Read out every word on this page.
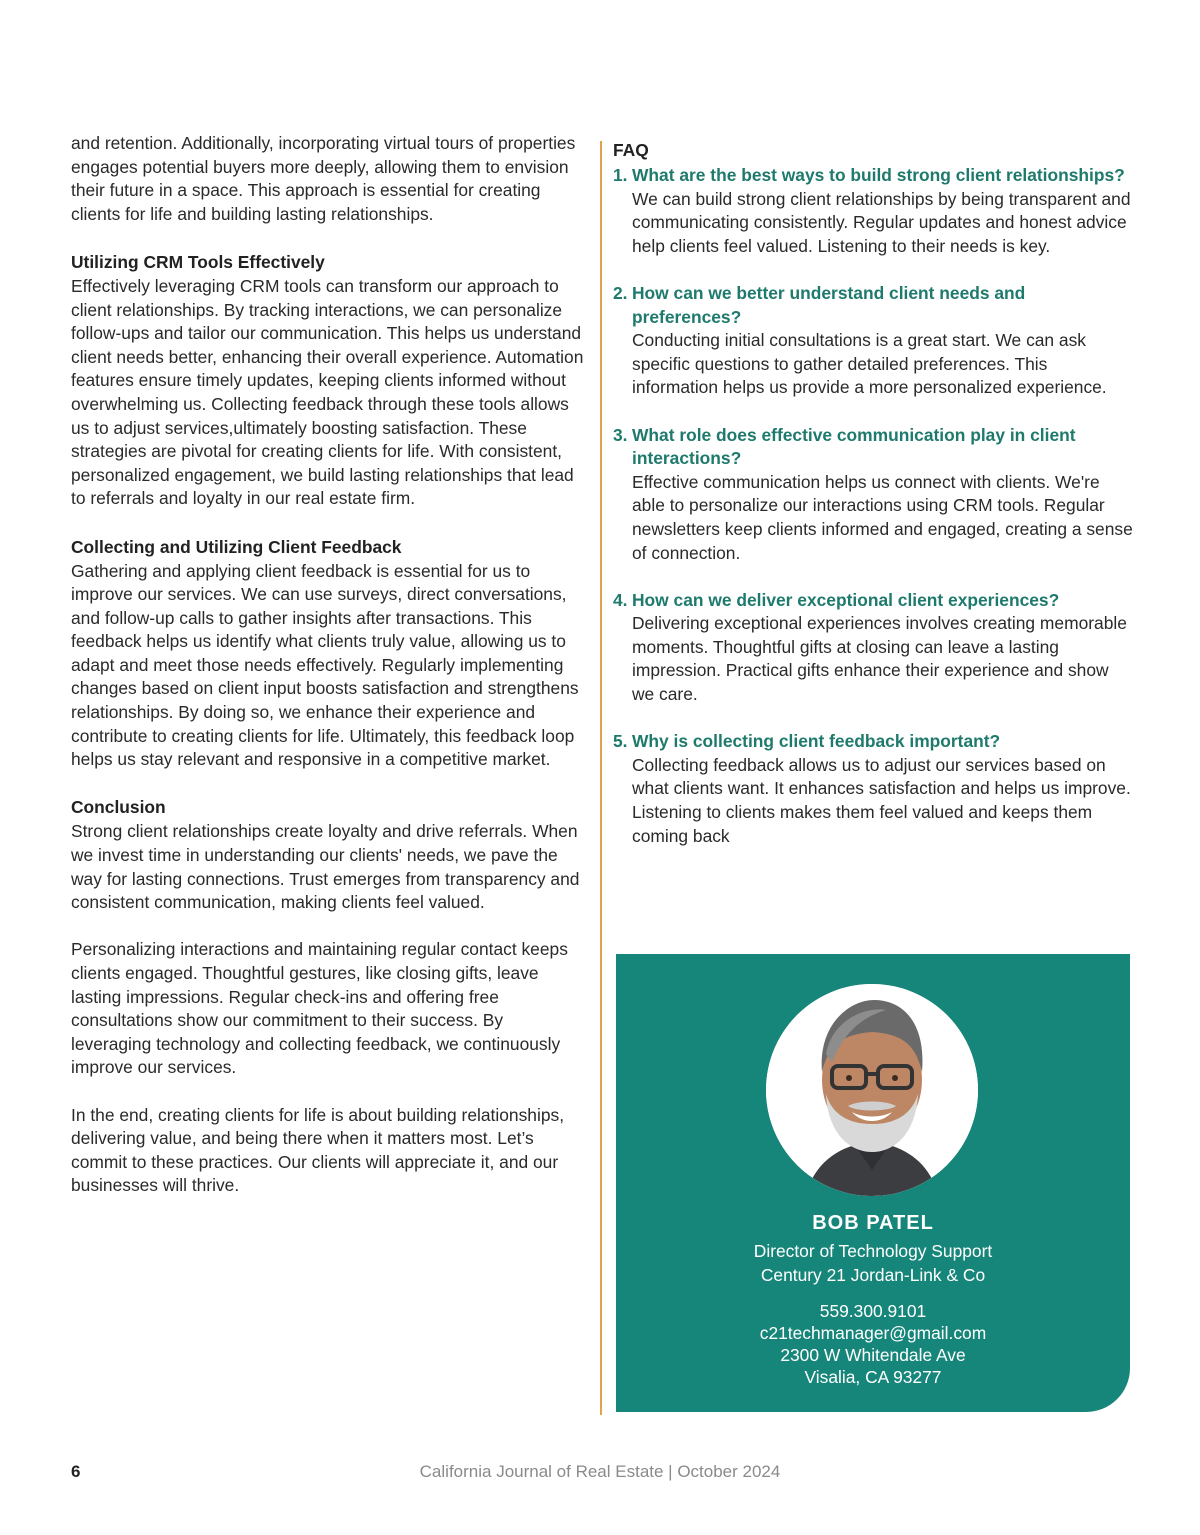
and retention. Additionally, incorporating virtual tours of properties engages potential buyers more deeply, allowing them to envision their future in a space. This approach is essential for creating clients for life and building lasting relationships.

Utilizing CRM Tools Effectively

Effectively leveraging CRM tools can transform our approach to client relationships. By tracking interactions, we can personalize follow-ups and tailor our communication. This helps us understand client needs better, enhancing their overall experience. Automation features ensure timely updates, keeping clients informed without overwhelming us. Collecting feedback through these tools allows us to adjust services,ultimately boosting satisfaction. These strategies are pivotal for creating clients for life. With consistent, personalized engagement, we build lasting relationships that lead to referrals and loyalty in our real estate firm.

Collecting and Utilizing Client Feedback

Gathering and applying client feedback is essential for us to improve our services. We can use surveys, direct conversations, and follow-up calls to gather insights after transactions. This feedback helps us identify what clients truly value, allowing us to adapt and meet those needs effectively. Regularly implementing changes based on client input boosts satisfaction and strengthens relationships. By doing so, we enhance their experience and contribute to creating clients for life. Ultimately, this feedback loop helps us stay relevant and responsive in a competitive market.

Conclusion

Strong client relationships create loyalty and drive referrals. When we invest time in understanding our clients' needs, we pave the way for lasting connections. Trust emerges from transparency and consistent communication, making clients feel valued.

Personalizing interactions and maintaining regular contact keeps clients engaged. Thoughtful gestures, like closing gifts, leave lasting impressions. Regular check-ins and offering free consultations show our commitment to their success. By leveraging technology and collecting feedback, we continuously improve our services.

In the end, creating clients for life is about building relationships, delivering value, and being there when it matters most. Let’s commit to these practices. Our clients will appreciate it, and our businesses will thrive.

FAQ
1. What are the best ways to build strong client relationships?

We can build strong client relationships by being transparent and communicating consistently. Regular updates and honest advice help clients feel valued. Listening to their needs is key.

2. How can we better understand client needs and preferences?

Conducting initial consultations is a great start. We can ask specific questions to gather detailed preferences. This information helps us provide a more personalized experience.

3. What role does effective communication play in client interactions?

Effective communication helps us connect with clients. We're able to personalize our interactions using CRM tools. Regular newsletters keep clients informed and engaged, creating a sense of connection.

4. How can we deliver exceptional client experiences?

Delivering exceptional experiences involves creating memorable moments. Thoughtful gifts at closing can leave a lasting impression. Practical gifts enhance their experience and show we care.

5. Why is collecting client feedback important?

Collecting feedback allows us to adjust our services based on what clients want. It enhances satisfaction and helps us improve. Listening to clients makes them feel valued and keeps them coming back

BOB PATEL
Director of Technology Support
Century 21 Jordan-Link & Co
559.300.9101
c21techmanager@gmail.com
2300 W Whitendale Ave
Visalia, CA 93277
6	California Journal of Real Estate | October 2024
